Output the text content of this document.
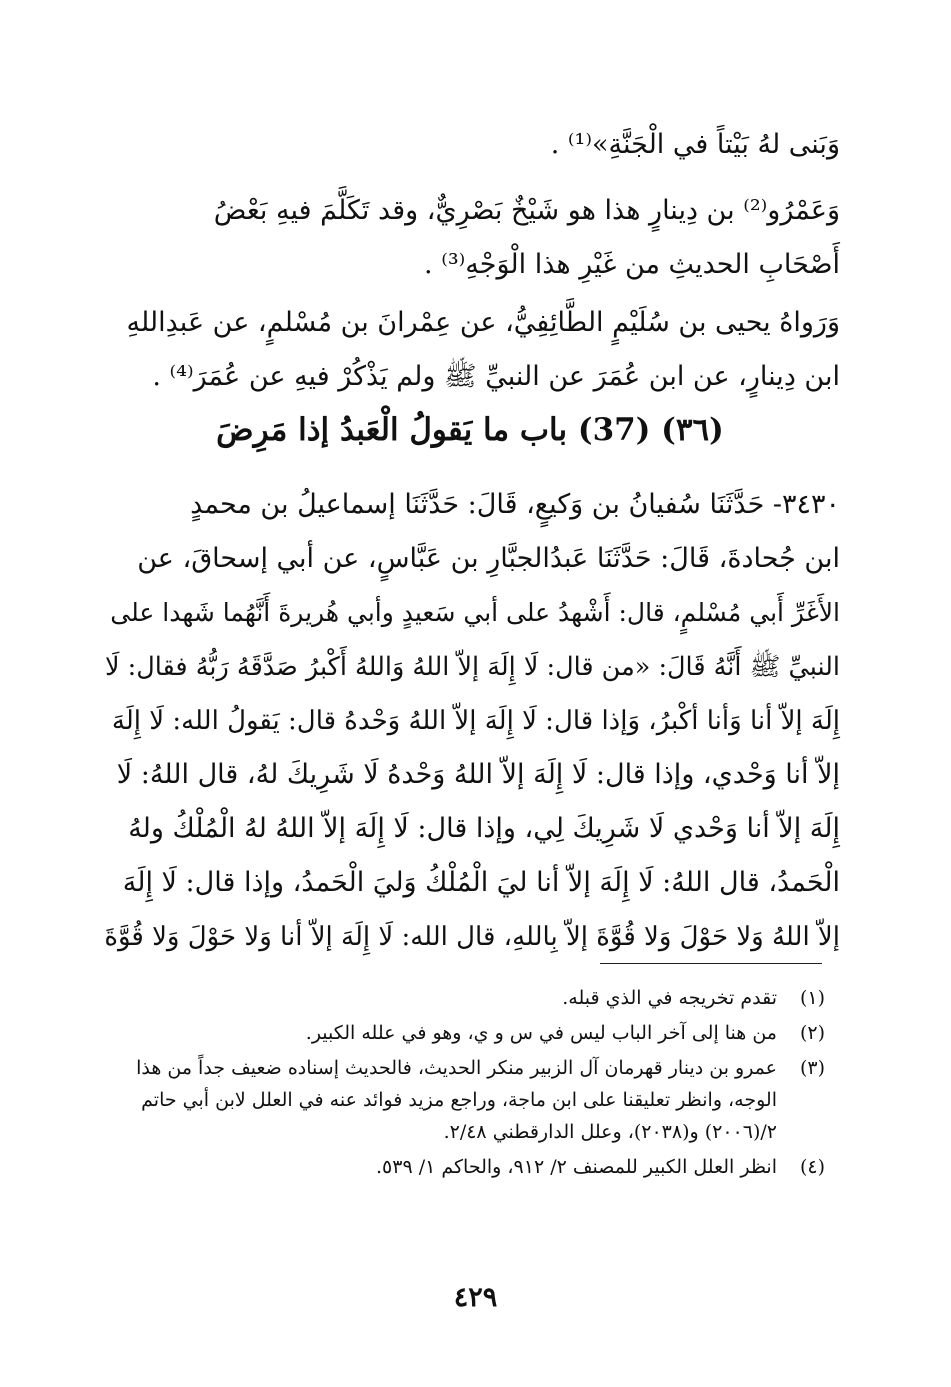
وَبَنى لهُ بَيْتاً في الْجَنَّةِ»⁽¹⁾ .
وَعَمْرُو⁽²⁾ بن دِينارٍ هذا هو شَيْخٌ بَصْرِيٌّ، وقد تَكَلَّمَ فيهِ بَعْضُ
أَصْحَابِ الحديثِ من غَيْرِ هذا الْوَجْهِ⁽³⁾ .
وَرَواهُ يحيى بن سُلَيْمٍ الطَّائِفِيُّ، عن عِمْرانَ بن مُسْلمٍ، عن عَبدِاللهِ
ابن دِينارٍ، عن ابن عُمَرَ عن النبيِّ ﷺ ولم يَذْكُرْ فيهِ عن عُمَرَ⁽⁴⁾ .
(٣٦) (37) باب ما يَقولُ الْعَبدُ إذا مَرِضَ
٣٤٣٠- حَدَّثَنَا سُفيانُ بن وَكيعٍ، قَالَ: حَدَّثَنَا إسماعيلُ بن محمدٍ
ابن جُحادةَ، قَالَ: حَدَّثَنَا عَبدُالجبَّارِ بن عَبَّاسٍ، عن أبي إسحاقَ، عن
الأَغَرِّ أَبي مُسْلمٍ، قال: أَشْهدُ على أبي سَعيدٍ وأبي هُريرةَ أَنَّهُما شَهدا على
النبيِّ ﷺ أَنَّهُ قَالَ: «من قال: لَا إِلَهَ إلاّ اللهُ وَاللهُ أَكْبرُ صَدَّقَهُ رَبُّهُ فقال: لَا
إِلَهَ إلاّ أنا وَأنا أكْبرُ، وَإذا قال: لَا إِلَهَ إلاّ اللهُ وَحْدهُ قال: يَقولُ الله: لَا إِلَهَ
إلاّ أنا وَحْدي، وإذا قال: لَا إِلَهَ إلاّ اللهُ وَحْدهُ لَا شَرِيكَ لهُ، قال اللهُ: لَا
إِلَهَ إلاّ أنا وَحْدي لَا شَرِيكَ لِي، وإذا قال: لَا إِلَهَ إلاّ اللهُ لهُ الْمُلْكُ ولهُ
الْحَمدُ، قال اللهُ: لَا إِلَهَ إلاّ أنا ليَ الْمُلْكُ وَليَ الْحَمدُ، وإذا قال: لَا إِلَهَ
إلاّ اللهُ وَلا حَوْلَ وَلا قُوَّةَ إلاّ بِاللهِ، قال الله: لَا إِلَهَ إلاّ أنا وَلا حَوْلَ وَلا قُوَّةَ
(١)
تقدم تخريجه في الذي قبله.
(٢)
من هنا إلى آخر الباب ليس في س و ي، وهو في علله الكبير.
(٣)
عمرو بن دينار قهرمان آل الزبير منكر الحديث، فالحديث إسناده ضعيف جداً من هذا الوجه، وانظر تعليقنا على ابن ماجة، وراجع مزيد فوائد عنه في العلل لابن أبي حاتم ٢/(٢٠٠٦) و(٢٠٣٨)، وعلل الدارقطني ٢/٤٨.
(٤)
انظر العلل الكبير للمصنف ٢/ ٩١٢، والحاكم ١/ ٥٣٩.
٤٢٩
